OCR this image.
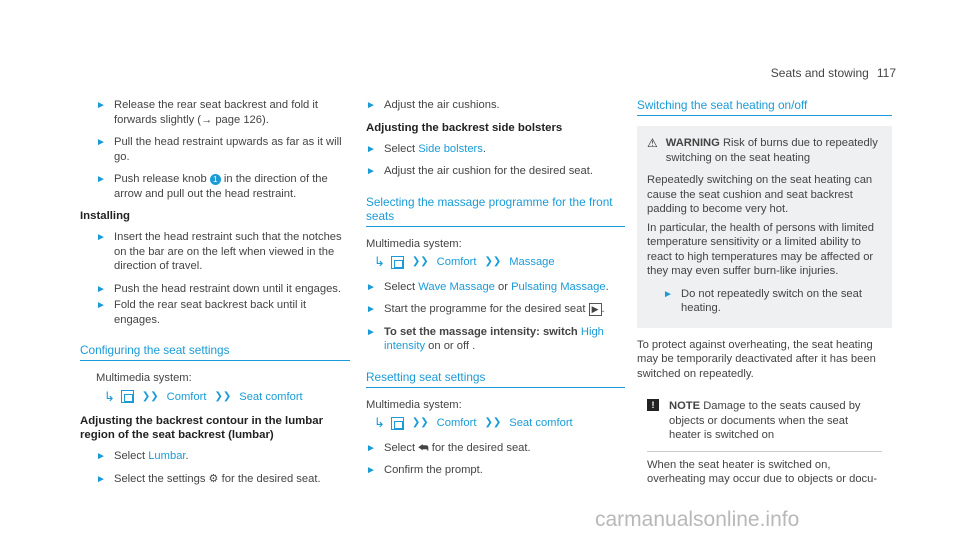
Seats and stowing 117
► Release the rear seat backrest and fold it forwards slightly (→ page 126).
► Pull the head restraint upwards as far as it will go.
► Push release knob 1 in the direction of the arrow and pull out the head restraint.
Installing
► Insert the head restraint such that the notches on the bar are on the left when viewed in the direction of travel.
► Push the head restraint down until it engages.
► Fold the rear seat backrest back until it engages.
Configuring the seat settings
Multimedia system:
↳	❯❯ Comfort ❯❯ Seat comfort
Adjusting the backrest contour in the lumbar region of the seat backrest (lumbar)
► Select Lumbar.
► Select the settings ⚙ for the desired seat.
► Adjust the air cushions.
Adjusting the backrest side bolsters
► Select Side bolsters.
► Adjust the air cushion for the desired seat.
Selecting the massage programme for the front seats
Multimedia system:
↳	❯❯ Comfort ❯❯ Massage
► Select Wave Massage or Pulsating Massage.
► Start the programme for the desired seat ▶ .
► To set the massage intensity: switch High intensity on or off .
Resetting seat settings
Multimedia system:
↳	❯❯ Comfort ❯❯ Seat comfort
► Select ⮪ for the desired seat.
► Confirm the prompt.
Switching the seat heating on/off
⚠ WARNING Risk of burns due to repeatedly switching on the seat heating
Repeatedly switching on the seat heating can cause the seat cushion and seat backrest padding to become very hot.
In particular, the health of persons with limited temperature sensitivity or a limited ability to react to high temperatures may be affected or they may even suffer burn-like injuries.
► Do not repeatedly switch on the seat heating.
To protect against overheating, the seat heating may be temporarily deactivated after it has been switched on repeatedly.
!	NOTE Damage to the seats caused by objects or documents when the seat heater is switched on
When the seat heater is switched on, overheating may occur due to objects or docu-
carmanualsonline.info
